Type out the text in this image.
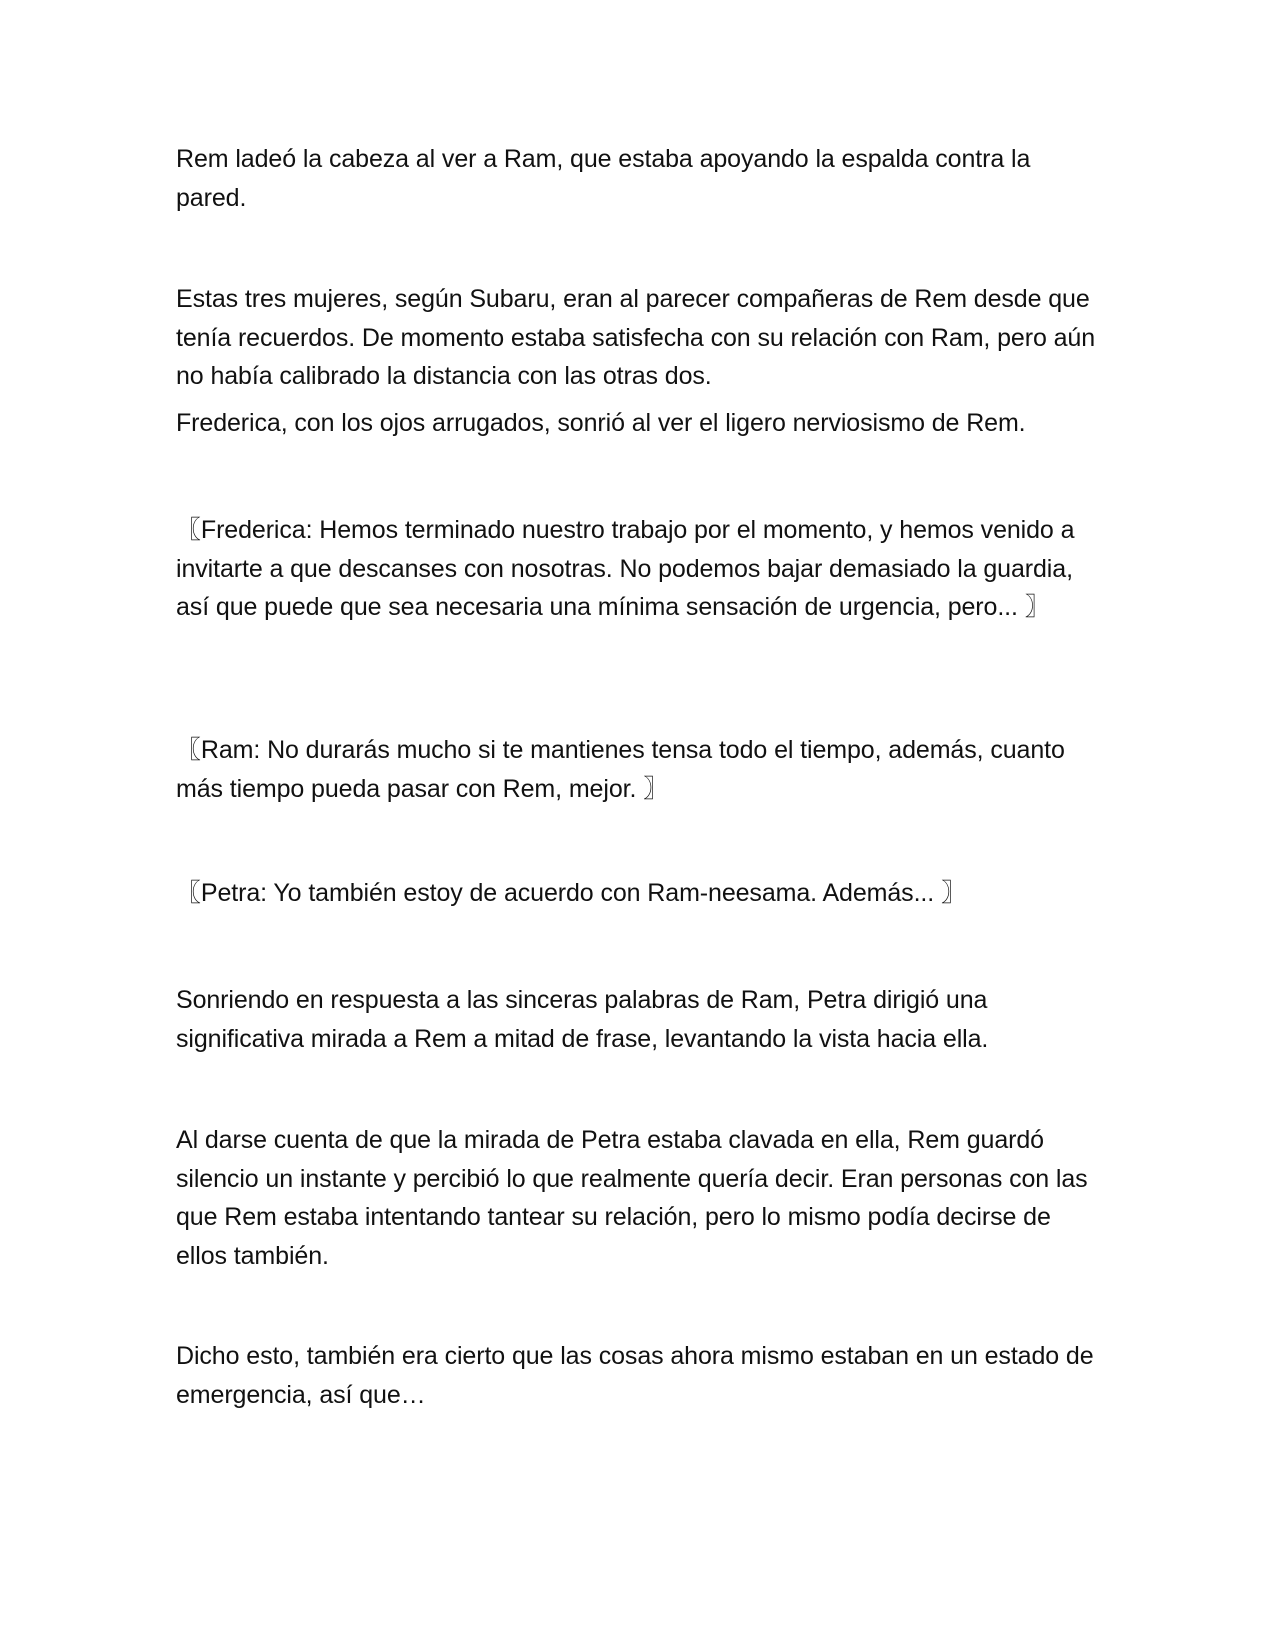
Rem ladeó la cabeza al ver a Ram, que estaba apoyando la espalda contra la pared.

Estas tres mujeres, según Subaru, eran al parecer compañeras de Rem desde que tenía recuerdos. De momento estaba satisfecha con su relación con Ram, pero aún no había calibrado la distancia con las otras dos.

Frederica, con los ojos arrugados, sonrió al ver el ligero nerviosismo de Rem.

〖Frederica: Hemos terminado nuestro trabajo por el momento, y hemos venido a invitarte a que descanses con nosotras. No podemos bajar demasiado la guardia, así que puede que sea necesaria una mínima sensación de urgencia, pero... 〗

〖Ram: No durarás mucho si te mantienes tensa todo el tiempo, además, cuanto más tiempo pueda pasar con Rem, mejor. 〗

〖Petra: Yo también estoy de acuerdo con Ram-neesama. Además... 〗

Sonriendo en respuesta a las sinceras palabras de Ram, Petra dirigió una significativa mirada a Rem a mitad de frase, levantando la vista hacia ella.

Al darse cuenta de que la mirada de Petra estaba clavada en ella, Rem guardó silencio un instante y percibió lo que realmente quería decir. Eran personas con las que Rem estaba intentando tantear su relación, pero lo mismo podía decirse de ellos también.

Dicho esto, también era cierto que las cosas ahora mismo estaban en un estado de emergencia, así que…
